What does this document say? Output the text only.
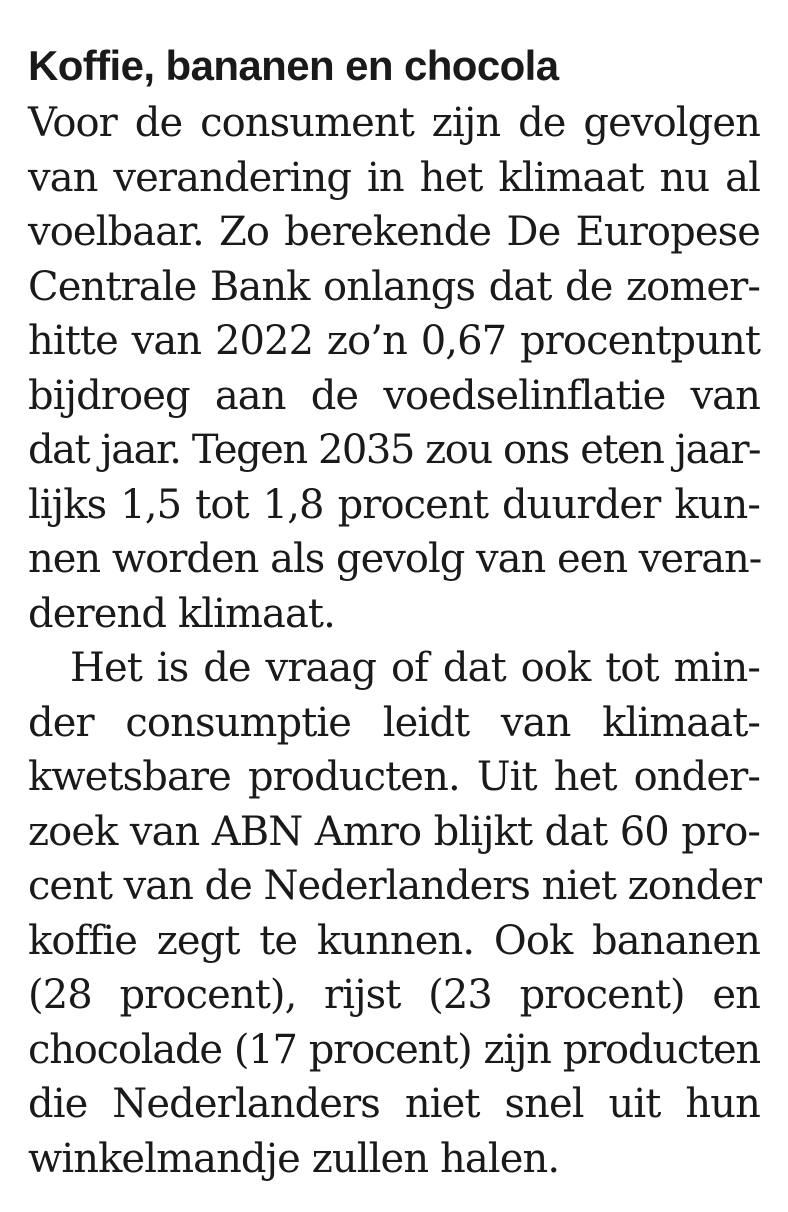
Koffie, bananen en chocola

Voor de consument zijn de gevolgen
van verandering in het klimaat nu al
voelbaar. Zo berekende De Europese
Centrale Bank onlangs dat de zomer-
hitte van 2022 zo’n 0,67 procentpunt
bijdroeg aan de voedselinflatie van
dat jaar. Tegen 2035 zou ons eten jaar-
lijks 1,5 tot 1,8 procent duurder kun-
nen worden als gevolg van een veran-
derend klimaat.

Het is de vraag of dat ook tot min-
der consumptie leidt van klimaat-
kwetsbare producten. Uit het onder-
zoek van ABN Amro blijkt dat 60 pro-
cent van de Nederlanders niet zonder
koffie zegt te kunnen. Ook bananen
(28 procent), rijst (23 procent) en
chocolade (17 procent) zijn producten
die Nederlanders niet snel uit hun
winkelmandje zullen halen.
